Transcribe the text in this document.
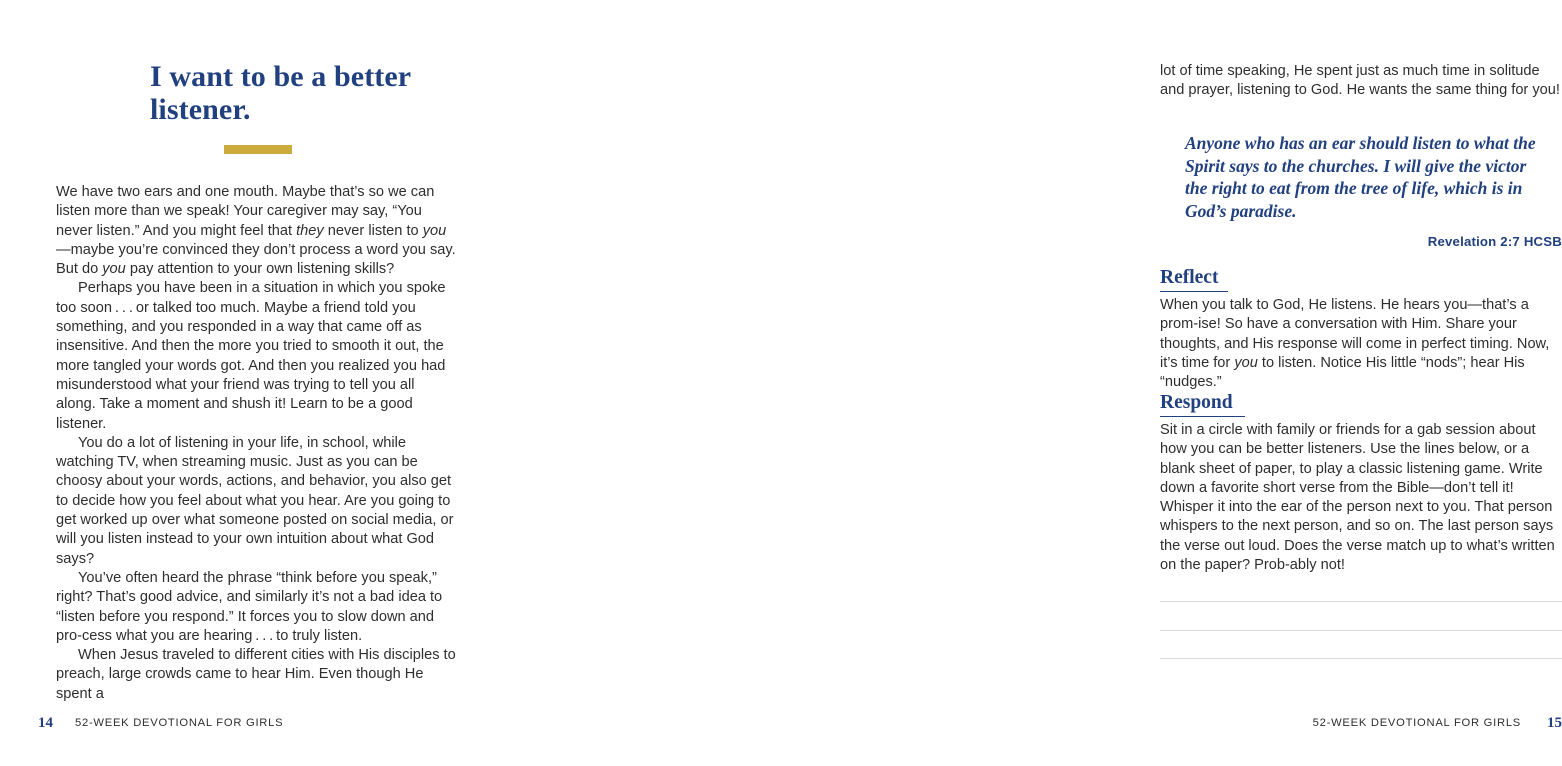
I want to be a better listener.

We have two ears and one mouth. Maybe that’s so we can listen more than we speak! Your caregiver may say, “You never listen.” And you might feel that they never listen to you—maybe you’re convinced they don’t process a word you say. But do you pay attention to your own listening skills?

Perhaps you have been in a situation in which you spoke too soon . . . or talked too much. Maybe a friend told you something, and you responded in a way that came off as insensitive. And then the more you tried to smooth it out, the more tangled your words got. And then you realized you had misunderstood what your friend was trying to tell you all along. Take a moment and shush it! Learn to be a good listener.

You do a lot of listening in your life, in school, while watching TV, when streaming music. Just as you can be choosy about your words, actions, and behavior, you also get to decide how you feel about what you hear. Are you going to get worked up over what someone posted on social media, or will you listen instead to your own intuition about what God says?

You’ve often heard the phrase “think before you speak,” right? That’s good advice, and similarly it’s not a bad idea to “listen before you respond.” It forces you to slow down and pro-cess what you are hearing . . . to truly listen.

When Jesus traveled to different cities with His disciples to preach, large crowds came to hear Him. Even though He spent a

14 52-WEEK DEVOTIONAL FOR GIRLS

lot of time speaking, He spent just as much time in solitude and prayer, listening to God. He wants the same thing for you!

Anyone who has an ear should listen to what the Spirit says to the churches. I will give the victor the right to eat from the tree of life, which is in God’s paradise.

Revelation 2:7 HCSB
Reflect

When you talk to God, He listens. He hears you—that’s a prom-ise! So have a conversation with Him. Share your thoughts, and His response will come in perfect timing. Now, it’s time for you to listen. Notice His little “nods”; hear His “nudges.”

Respond

Sit in a circle with family or friends for a gab session about how you can be better listeners. Use the lines below, or a blank sheet of paper, to play a classic listening game. Write down a favorite short verse from the Bible—don’t tell it! Whisper it into the ear of the person next to you. That person whispers to the next person, and so on. The last person says the verse out loud. Does the verse match up to what’s written on the paper? Prob-ably not!

52-WEEK DEVOTIONAL FOR GIRLS 15
